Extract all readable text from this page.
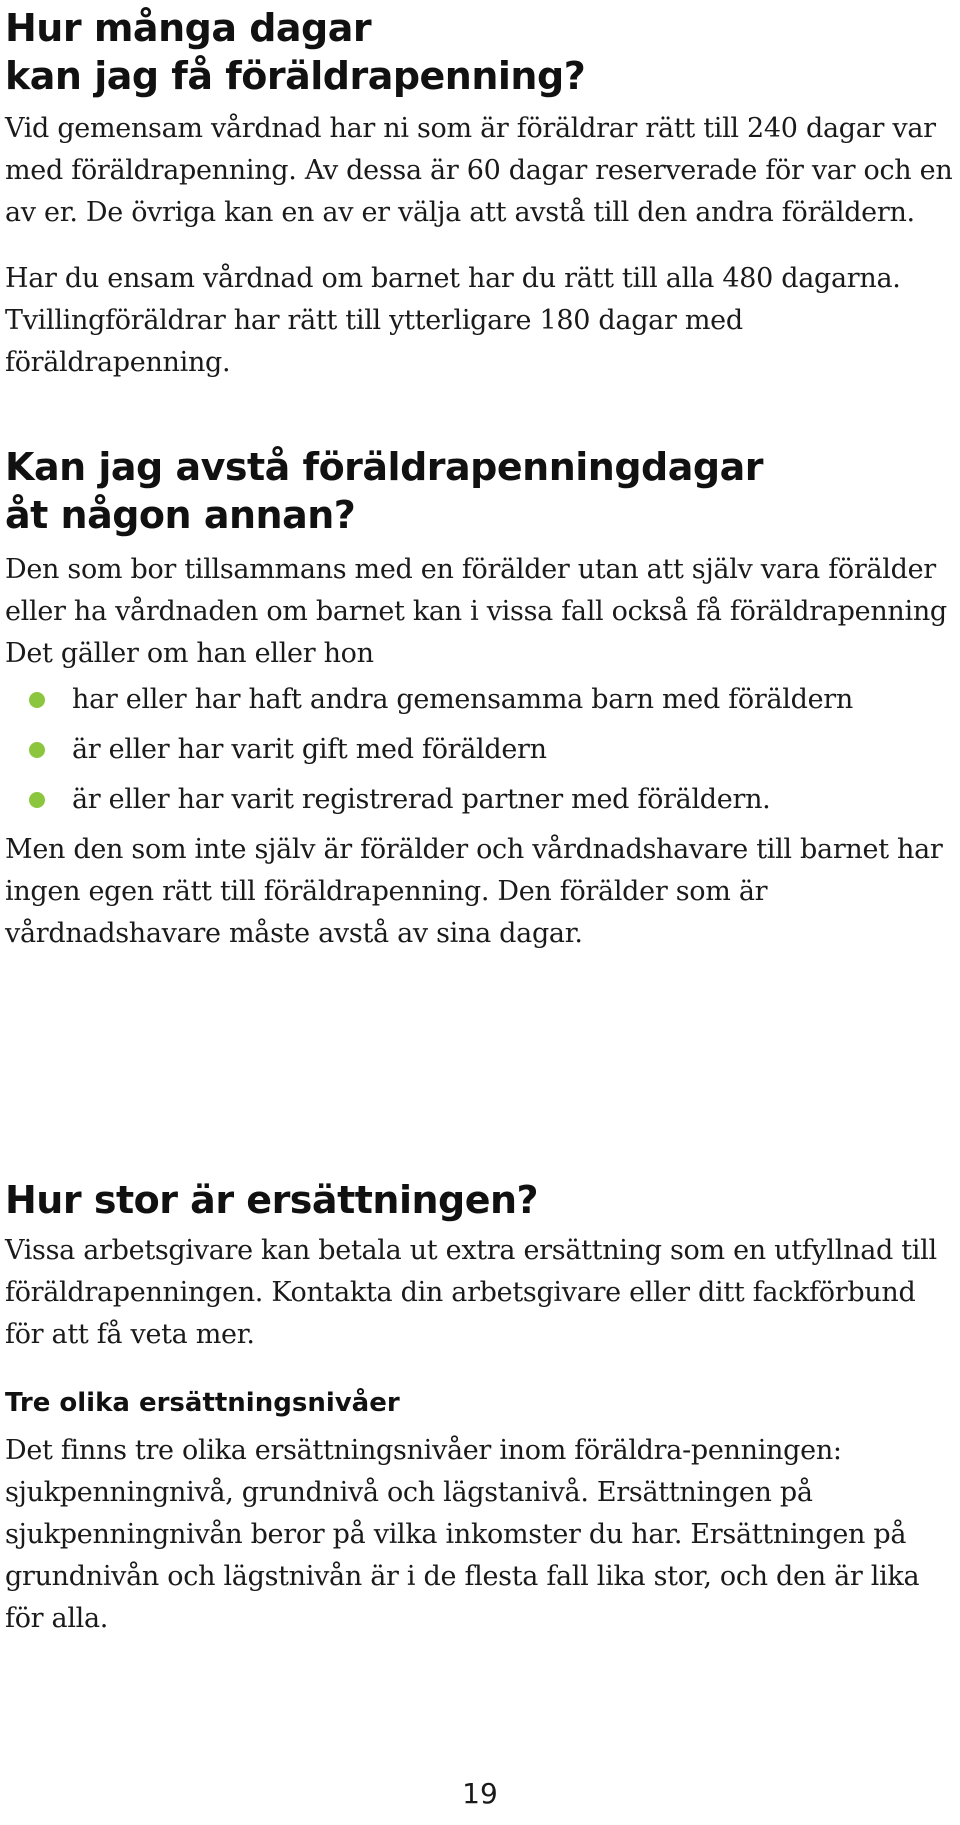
Hur många dagar
kan jag få föräldrapenning?

Vid gemensam vårdnad har ni som är föräldrar rätt till 240 dagar var med föräldrapenning. Av dessa är 60 dagar reserverade för var och en av er. De övriga kan en av er välja att avstå till den andra föräldern.

Har du ensam vårdnad om barnet har du rätt till alla 480 dagarna. Tvillingföräldrar har rätt till ytterligare 180 dagar med föräldrapenning.

Kan jag avstå föräldrapenningdagar
åt någon annan?

Den som bor tillsammans med en förälder utan att själv vara förälder eller ha vårdnaden om barnet kan i vissa fall också få föräldrapenning Det gäller om han eller hon

har eller har haft andra gemensamma barn med föräldern
är eller har varit gift med föräldern
är eller har varit registrerad partner med föräldern.

Men den som inte själv är förälder och vårdnadshavare till barnet har ingen egen rätt till föräldrapenning. Den förälder som är vårdnadshavare måste avstå av sina dagar.

Hur stor är ersättningen?

Vissa arbetsgivare kan betala ut extra ersättning som en utfyllnad till föräldrapenningen. Kontakta din arbetsgivare eller ditt fackförbund för att få veta mer.

Tre olika ersättningsnivåer

Det finns tre olika ersättningsnivåer inom föräldra-penningen: sjukpenningnivå, grundnivå och lägstanivå. Ersättningen på sjukpenningnivån beror på vilka inkomster du har. Ersättningen på grundnivån och lägstnivån är i de flesta fall lika stor, och den är lika för alla.

19
